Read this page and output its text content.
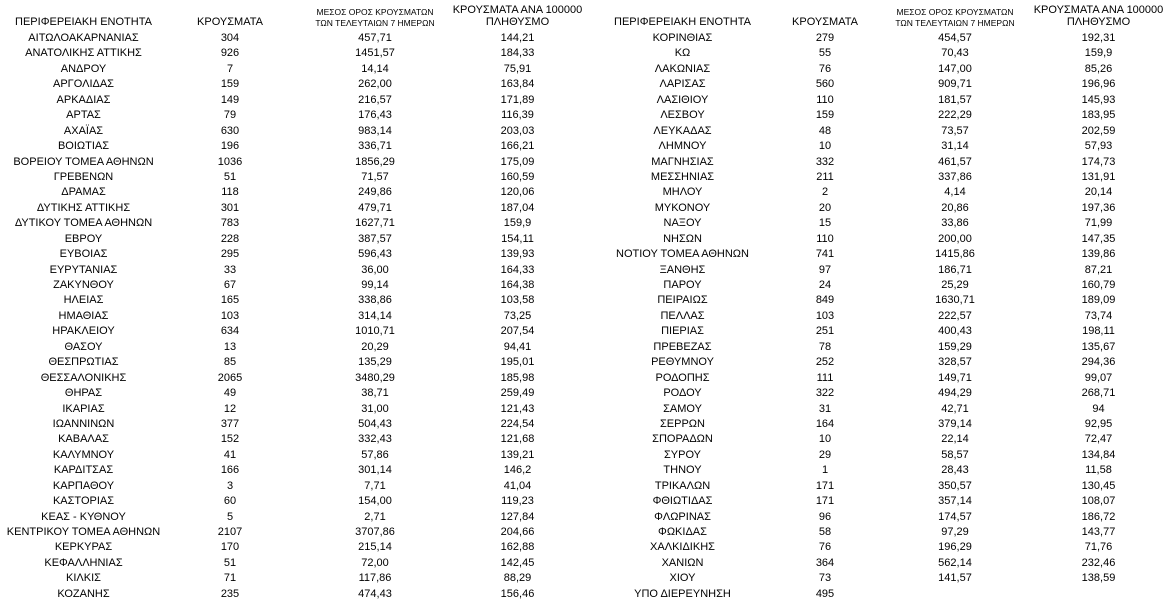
ΠΕΡΙΦΕΡΕΙΑΚΗ ΕΝΟΤΗΤΑ	ΚΡΟΥΣΜΑΤΑ
ΜΕΣΟΣ ΟΡΟΣ ΚΡΟΥΣΜΑΤΩΝ
ΤΩΝ ΤΕΛΕΥΤΑΙΩΝ 7 ΗΜΕΡΩΝ
ΚΡΟΥΣΜΑΤΑ ΑΝΑ 100000
ΠΛΗΘΥΣΜΟ
ΑΙΤΩΛΟΑΚΑΡΝΑΝΙΑΣ	304	457,71	144,21
ΑΝΑΤΟΛΙΚΗΣ ΑΤΤΙΚΗΣ	926	1451,57	184,33
ΑΝΔΡΟΥ	7	14,14	75,91
ΑΡΓΟΛΙΔΑΣ	159	262,00	163,84
ΑΡΚΑΔΙΑΣ	149	216,57	171,89
ΑΡΤΑΣ	79	176,43	116,39
ΑΧΑΪΑΣ	630	983,14	203,03
ΒΟΙΩΤΙΑΣ	196	336,71	166,21
ΒΟΡΕΙΟΥ ΤΟΜΕΑ ΑΘΗΝΩΝ	1036	1856,29	175,09
ΓΡΕΒΕΝΩΝ	51	71,57	160,59
ΔΡΑΜΑΣ	118	249,86	120,06
ΔΥΤΙΚΗΣ ΑΤΤΙΚΗΣ	301	479,71	187,04
ΔΥΤΙΚΟΥ ΤΟΜΕΑ ΑΘΗΝΩΝ	783	1627,71	159,9
ΕΒΡΟΥ	228	387,57	154,11
ΕΥΒΟΙΑΣ	295	596,43	139,93
ΕΥΡΥΤΑΝΙΑΣ	33	36,00	164,33
ΖΑΚΥΝΘΟΥ	67	99,14	164,38
ΗΛΕΙΑΣ	165	338,86	103,58
ΗΜΑΘΙΑΣ	103	314,14	73,25
ΗΡΑΚΛΕΙΟΥ	634	1010,71	207,54
ΘΑΣΟΥ	13	20,29	94,41
ΘΕΣΠΡΩΤΙΑΣ	85	135,29	195,01
ΘΕΣΣΑΛΟΝΙΚΗΣ	2065	3480,29	185,98
ΘΗΡΑΣ	49	38,71	259,49
ΙΚΑΡΙΑΣ	12	31,00	121,43
ΙΩΑΝΝΙΝΩΝ	377	504,43	224,54
ΚΑΒΑΛΑΣ	152	332,43	121,68
ΚΑΛΥΜΝΟΥ	41	57,86	139,21
ΚΑΡΔΙΤΣΑΣ	166	301,14	146,2
ΚΑΡΠΑΘΟΥ	3	7,71	41,04
ΚΑΣΤΟΡΙΑΣ	60	154,00	119,23
ΚΕΑΣ - ΚΥΘΝΟΥ	5	2,71	127,84
ΚΕΝΤΡΙΚΟΥ ΤΟΜΕΑ ΑΘΗΝΩΝ	2107	3707,86	204,66
ΚΕΡΚΥΡΑΣ	170	215,14	162,88
ΚΕΦΑΛΛΗΝΙΑΣ	51	72,00	142,45
ΚΙΛΚΙΣ	71	117,86	88,29
ΚΟΖΑΝΗΣ	235	474,43	156,46
ΠΕΡΙΦΕΡΕΙΑΚΗ ΕΝΟΤΗΤΑ	ΚΡΟΥΣΜΑΤΑ
ΜΕΣΟΣ ΟΡΟΣ ΚΡΟΥΣΜΑΤΩΝ
ΤΩΝ ΤΕΛΕΥΤΑΙΩΝ 7 ΗΜΕΡΩΝ
ΚΡΟΥΣΜΑΤΑ ΑΝΑ 100000
ΠΛΗΘΥΣΜΟ
ΚΟΡΙΝΘΙΑΣ	279	454,57	192,31
ΚΩ	55	70,43	159,9
ΛΑΚΩΝΙΑΣ	76	147,00	85,26
ΛΑΡΙΣΑΣ	560	909,71	196,96
ΛΑΣΙΘΙΟΥ	110	181,57	145,93
ΛΕΣΒΟΥ	159	222,29	183,95
ΛΕΥΚΑΔΑΣ	48	73,57	202,59
ΛΗΜΝΟΥ	10	31,14	57,93
ΜΑΓΝΗΣΙΑΣ	332	461,57	174,73
ΜΕΣΣΗΝΙΑΣ	211	337,86	131,91
ΜΗΛΟΥ	2	4,14	20,14
ΜΥΚΟΝΟΥ	20	20,86	197,36
ΝΑΞΟΥ	15	33,86	71,99
ΝΗΣΩΝ	110	200,00	147,35
ΝΟΤΙΟΥ ΤΟΜΕΑ ΑΘΗΝΩΝ	741	1415,86	139,86
ΞΑΝΘΗΣ	97	186,71	87,21
ΠΑΡΟΥ	24	25,29	160,79
ΠΕΙΡΑΙΩΣ	849	1630,71	189,09
ΠΕΛΛΑΣ	103	222,57	73,74
ΠΙΕΡΙΑΣ	251	400,43	198,11
ΠΡΕΒΕΖΑΣ	78	159,29	135,67
ΡΕΘΥΜΝΟΥ	252	328,57	294,36
ΡΟΔΟΠΗΣ	111	149,71	99,07
ΡΟΔΟΥ	322	494,29	268,71
ΣΑΜΟΥ	31	42,71	94
ΣΕΡΡΩΝ	164	379,14	92,95
ΣΠΟΡΑΔΩΝ	10	22,14	72,47
ΣΥΡΟΥ	29	58,57	134,84
ΤΗΝΟΥ	1	28,43	11,58
ΤΡΙΚΑΛΩΝ	171	350,57	130,45
ΦΘΙΩΤΙΔΑΣ	171	357,14	108,07
ΦΛΩΡΙΝΑΣ	96	174,57	186,72
ΦΩΚΙΔΑΣ	58	97,29	143,77
ΧΑΛΚΙΔΙΚΗΣ	76	196,29	71,76
ΧΑΝΙΩΝ	364	562,14	232,46
ΧΙΟΥ	73	141,57	138,59
ΥΠΟ ΔΙΕΡΕΥΝΗΣΗ	495
